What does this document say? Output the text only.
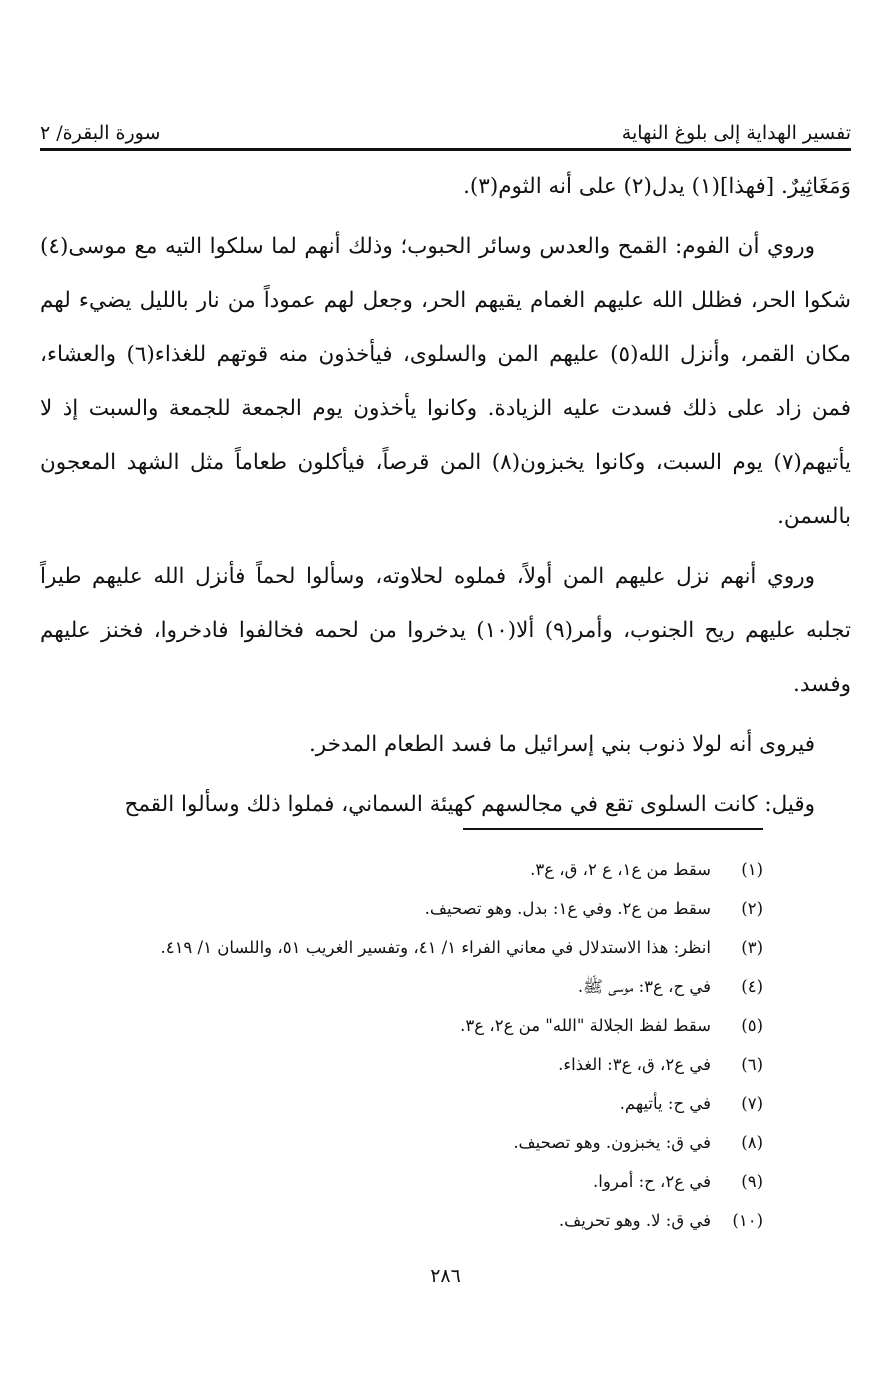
تفسير الهداية إلى بلوغ النهاية
سورة البقرة/ ٢

وَمَغَاثِيرٌ. [فهذا](١) يدل(٢) على أنه الثوم(٣).

وروي أن الفوم: القمح والعدس وسائر الحبوب؛ وذلك أنهم لما سلكوا التيه مع موسى(٤) شكوا الحر، فظلل الله عليهم الغمام يقيهم الحر، وجعل لهم عموداً من نار بالليل يضيء لهم مكان القمر، وأنزل الله(٥) عليهم المن والسلوى، فيأخذون منه قوتهم للغذاء(٦) والعشاء، فمن زاد على ذلك فسدت عليه الزيادة. وكانوا يأخذون يوم الجمعة للجمعة والسبت إذ لا يأتيهم(٧) يوم السبت، وكانوا يخبزون(٨) المن قرصاً، فيأكلون طعاماً مثل الشهد المعجون بالسمن.

وروي أنهم نزل عليهم المن أولاً، فملوه لحلاوته، وسألوا لحماً فأنزل الله عليهم طيراً تجلبه عليهم ريح الجنوب، وأمر(٩) ألا(١٠) يدخروا من لحمه فخالفوا فادخروا، فخنز عليهم وفسد.

فيروى أنه لولا ذنوب بني إسرائيل ما فسد الطعام المدخر.

وقيل: كانت السلوى تقع في مجالسهم كهيئة السماني، فملوا ذلك وسألوا القمح

(١)
سقط من ع١، ع ٢، ق، ع٣.
(٢)
سقط من ع٢. وفي ع١: بدل. وهو تصحيف.
(٣)
انظر: هذا الاستدلال في معاني الفراء ١/ ٤١، وتفسير الغريب ٥١، واللسان ١/ ٤١٩.
(٤)
في ح، ع٣: موسى ﷺ.
(٥)
سقط لفظ الجلالة "الله" من ع٢، ع٣.
(٦)
في ع٢، ق، ع٣: الغذاء.
(٧)
في ح: يأتيهم.
(٨)
في ق: يخبزون. وهو تصحيف.
(٩)
في ع٢، ح: أمروا.
(١٠)
في ق: لا. وهو تحريف.
٢٨٦
